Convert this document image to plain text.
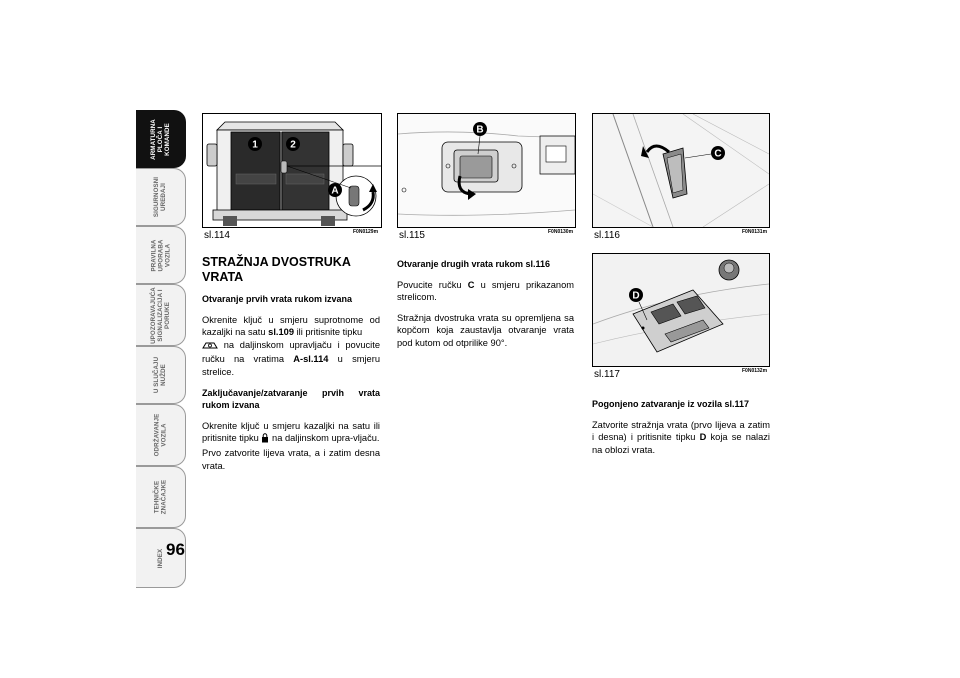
ARMATURNA
PLOČA I
KOMANDE
SIGURNOSNI
UREĐAJI
PRAVILNA
UPORABA
VOZILA
UPOZORAVAJUĆA
SIGNALIZACIJA I
PORUKE
U SLUČAJU
NUŽDE
ODRŽAVANJE
VOZILA
TEHNIČKE
ZNAČAJKE
INDEX 96
1	2
A
sl.114	F0N0129m
B
sl.115	F0N0130m
C
sl.116	F0N0131m
D
sl.117	F0N0132m
STRAŽNJA DVOSTRUKA VRATA
Otvaranje prvih vrata rukom izvana

Okrenite ključ u smjeru suprotnome od kazaljki na satu sl.109 ili pritisnite tipku
na daljinskom upravljaču i povucite ručku na vratima A-sl.114 u smjeru strelice.

Zaključavanje/zatvaranje prvih vrata rukom izvana

Okrenite ključ u smjeru kazaljki na satu ili pritisnite tipku  na daljinskom upra-vljaču.
Prvo zatvorite lijeva vrata, a i zatim desna vrata.

Otvaranje drugih vrata rukom sl.116

Povucite ručku C u smjeru prikazanom strelicom.

Stražnja dvostruka vrata su opremljena sa kopčom koja zaustavlja otvaranje vrata pod kutom od otprilike 90°.

Pogonjeno zatvaranje iz vozila sl.117

Zatvorite stražnja vrata (prvo lijeva a zatim i desna) i pritisnite tipku D koja se nalazi na oblozi vrata.
